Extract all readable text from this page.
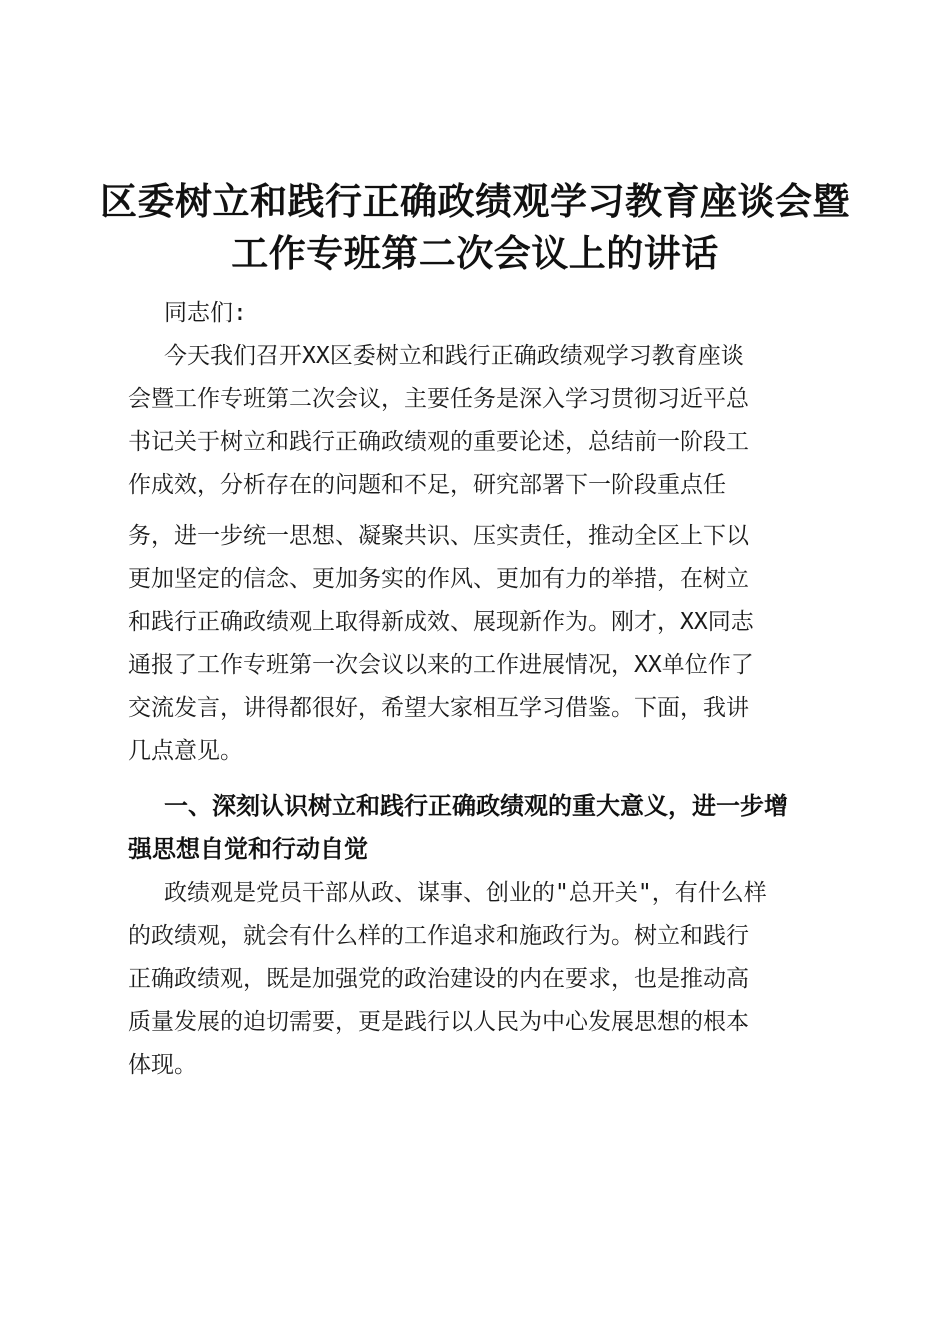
区委树立和践行正确政绩观学习教育座谈会暨
工作专班第二次会议上的讲话
同志们:
今天我们召开XX区委树立和践行正确政绩观学习教育座谈
会暨工作专班第二次会议，主要任务是深入学习贯彻习近平总
书记关于树立和践行正确政绩观的重要论述，总结前一阶段工
作成效，分析存在的问题和不足，研究部署下一阶段重点任
务，进一步统一思想、凝聚共识、压实责任，推动全区上下以
更加坚定的信念、更加务实的作风、更加有力的举措，在树立
和践行正确政绩观上取得新成效、展现新作为。刚才，XX同志
通报了工作专班第一次会议以来的工作进展情况，XX单位作了
交流发言，讲得都很好，希望大家相互学习借鉴。下面，我讲
几点意见。
一、深刻认识树立和践行正确政绩观的重大意义，进一步增
强思想自觉和行动自觉
政绩观是党员干部从政、谋事、创业的"总开关"，有什么样
的政绩观，就会有什么样的工作追求和施政行为。树立和践行
正确政绩观，既是加强党的政治建设的内在要求，也是推动高
质量发展的迫切需要，更是践行以人民为中心发展思想的根本
体现。
